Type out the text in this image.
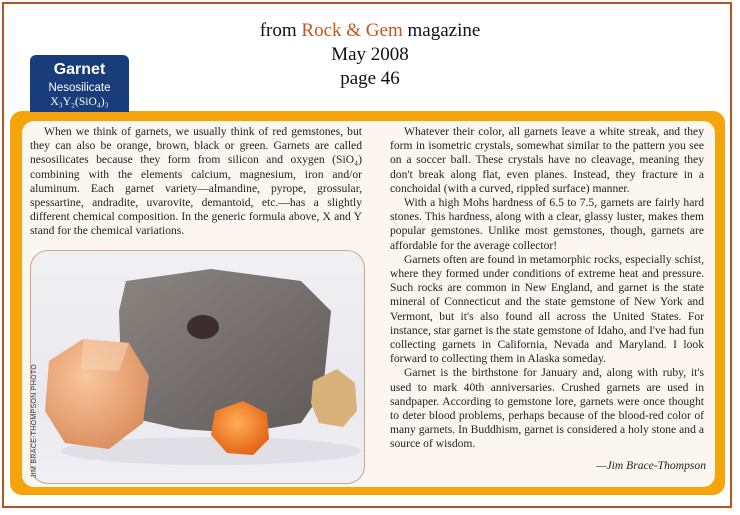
from Rock & Gem magazine
May 2008
page 46
Garnet
Nesosilicate
X₃Y₂(SiO₄)₃

When we think of garnets, we usually think of red gemstones, but they can also be orange, brown, black or green. Garnets are called nesosilicates because they form from silicon and oxygen (SiO₄) combining with the elements calcium, magnesium, iron and/or aluminum. Each garnet variety—almandine, pyrope, grossular, spessartine, andradite, uvarovite, demantoid, etc.—has a slightly different chemical composition. In the generic formula above, X and Y stand for the chemical variations.

Whatever their color, all garnets leave a white streak, and they form in isometric crystals, somewhat similar to the pattern you see on a soccer ball. These crystals have no cleavage, meaning they don't break along flat, even planes. Instead, they fracture in a conchoidal (with a curved, rippled surface) manner.

With a high Mohs hardness of 6.5 to 7.5, garnets are fairly hard stones. This hardness, along with a clear, glassy luster, makes them popular gemstones. Unlike most gemstones, though, garnets are affordable for the average collector!

Garnets often are found in metamorphic rocks, especially schist, where they formed under conditions of extreme heat and pressure. Such rocks are common in New England, and garnet is the state mineral of Connecticut and the state gemstone of New York and Vermont, but it's also found all across the United States. For instance, star garnet is the state gemstone of Idaho, and I've had fun collecting garnets in California, Nevada and Maryland. I look forward to collecting them in Alaska someday.

Garnet is the birthstone for January and, along with ruby, it's used to mark 40th anniversaries. Crushed garnets are used in sandpaper. According to gemstone lore, garnets were once thought to deter blood problems, perhaps because of the blood-red color of many garnets. In Buddhism, garnet is considered a holy stone and a source of wisdom.

—Jim Brace-Thompson
JIM BRACE-THOMPSON PHOTO
